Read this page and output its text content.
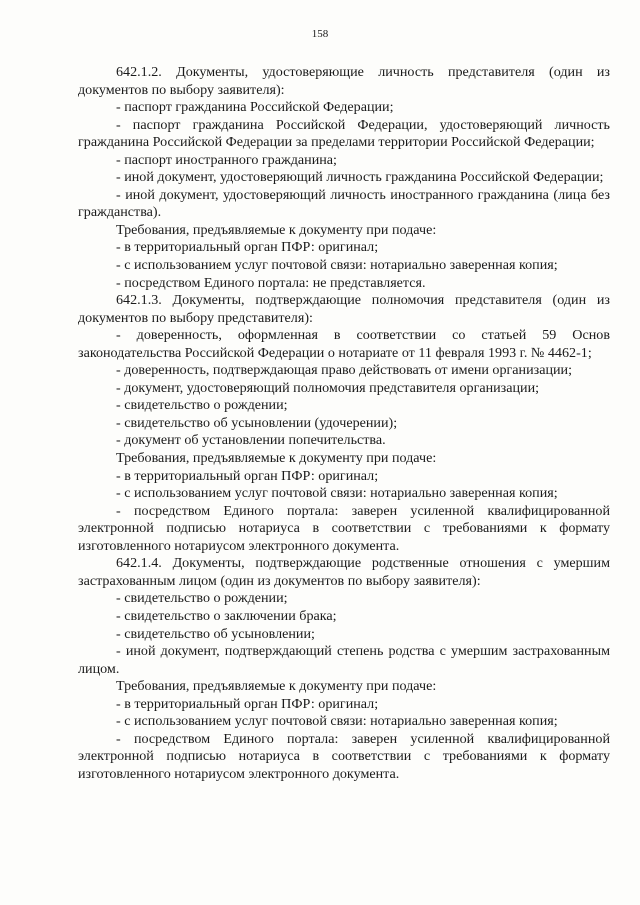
158

642.1.2. Документы, удостоверяющие личность представителя (один из документов по выбору заявителя):

- паспорт гражданина Российской Федерации;

- паспорт гражданина Российской Федерации, удостоверяющий личность гражданина Российской Федерации за пределами территории Российской Федерации;

- паспорт иностранного гражданина;

- иной документ, удостоверяющий личность гражданина Российской Федерации;

- иной документ, удостоверяющий личность иностранного гражданина (лица без гражданства).

Требования, предъявляемые к документу при подаче:

- в территориальный орган ПФР: оригинал;

- с использованием услуг почтовой связи: нотариально заверенная копия;

- посредством Единого портала: не представляется.

642.1.3. Документы, подтверждающие полномочия представителя (один из документов по выбору представителя):

- доверенность, оформленная в соответствии со статьей 59 Основ законодательства Российской Федерации о нотариате от 11 февраля 1993 г. № 4462-1;

- доверенность, подтверждающая право действовать от имени организации;

- документ, удостоверяющий полномочия представителя организации;

- свидетельство о рождении;

- свидетельство об усыновлении (удочерении);

- документ об установлении попечительства.

Требования, предъявляемые к документу при подаче:

- в территориальный орган ПФР: оригинал;

- с использованием услуг почтовой связи: нотариально заверенная копия;

- посредством Единого портала: заверен усиленной квалифицированной электронной подписью нотариуса в соответствии с требованиями к формату изготовленного нотариусом электронного документа.

642.1.4. Документы, подтверждающие родственные отношения с умершим застрахованным лицом (один из документов по выбору заявителя):

- свидетельство о рождении;

- свидетельство о заключении брака;

- свидетельство об усыновлении;

- иной документ, подтверждающий степень родства с умершим застрахованным лицом.

Требования, предъявляемые к документу при подаче:

- в территориальный орган ПФР: оригинал;

- с использованием услуг почтовой связи: нотариально заверенная копия;

- посредством Единого портала: заверен усиленной квалифицированной электронной подписью нотариуса в соответствии с требованиями к формату изготовленного нотариусом электронного документа.
